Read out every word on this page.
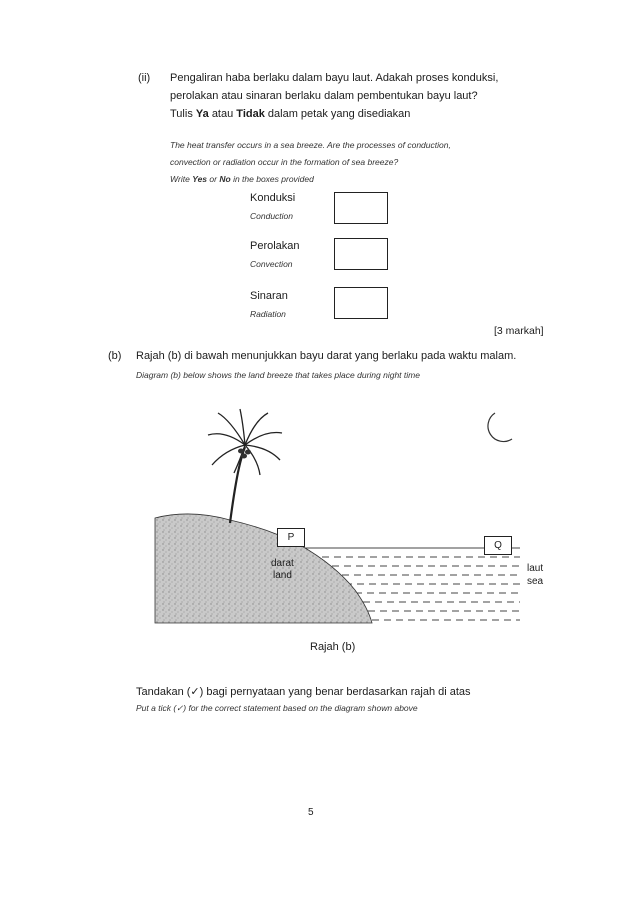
(ii) Pengaliran haba berlaku dalam bayu laut. Adakah proses konduksi,
perolakan atau sinaran berlaku dalam pembentukan bayu laut?
Tulis Ya atau Tidak dalam petak yang disediakan
The heat transfer occurs in a sea breeze. Are the processes of conduction,
convection or radiation occur in the formation of sea breeze?
Write Yes or No in the boxes provided
Konduksi
Conduction
Perolakan
Convection
Sinaran
Radiation
[3 markah]
(b) Rajah (b) di bawah menunjukkan bayu darat yang berlaku pada waktu malam.
Diagram (b) below shows the land breeze that takes place during night time
P
Q
darat
land
laut
sea
Rajah (b)
Tandakan (✓) bagi pernyataan yang benar berdasarkan rajah di atas
Put a tick (✓) for the correct statement based on the diagram shown above
5
